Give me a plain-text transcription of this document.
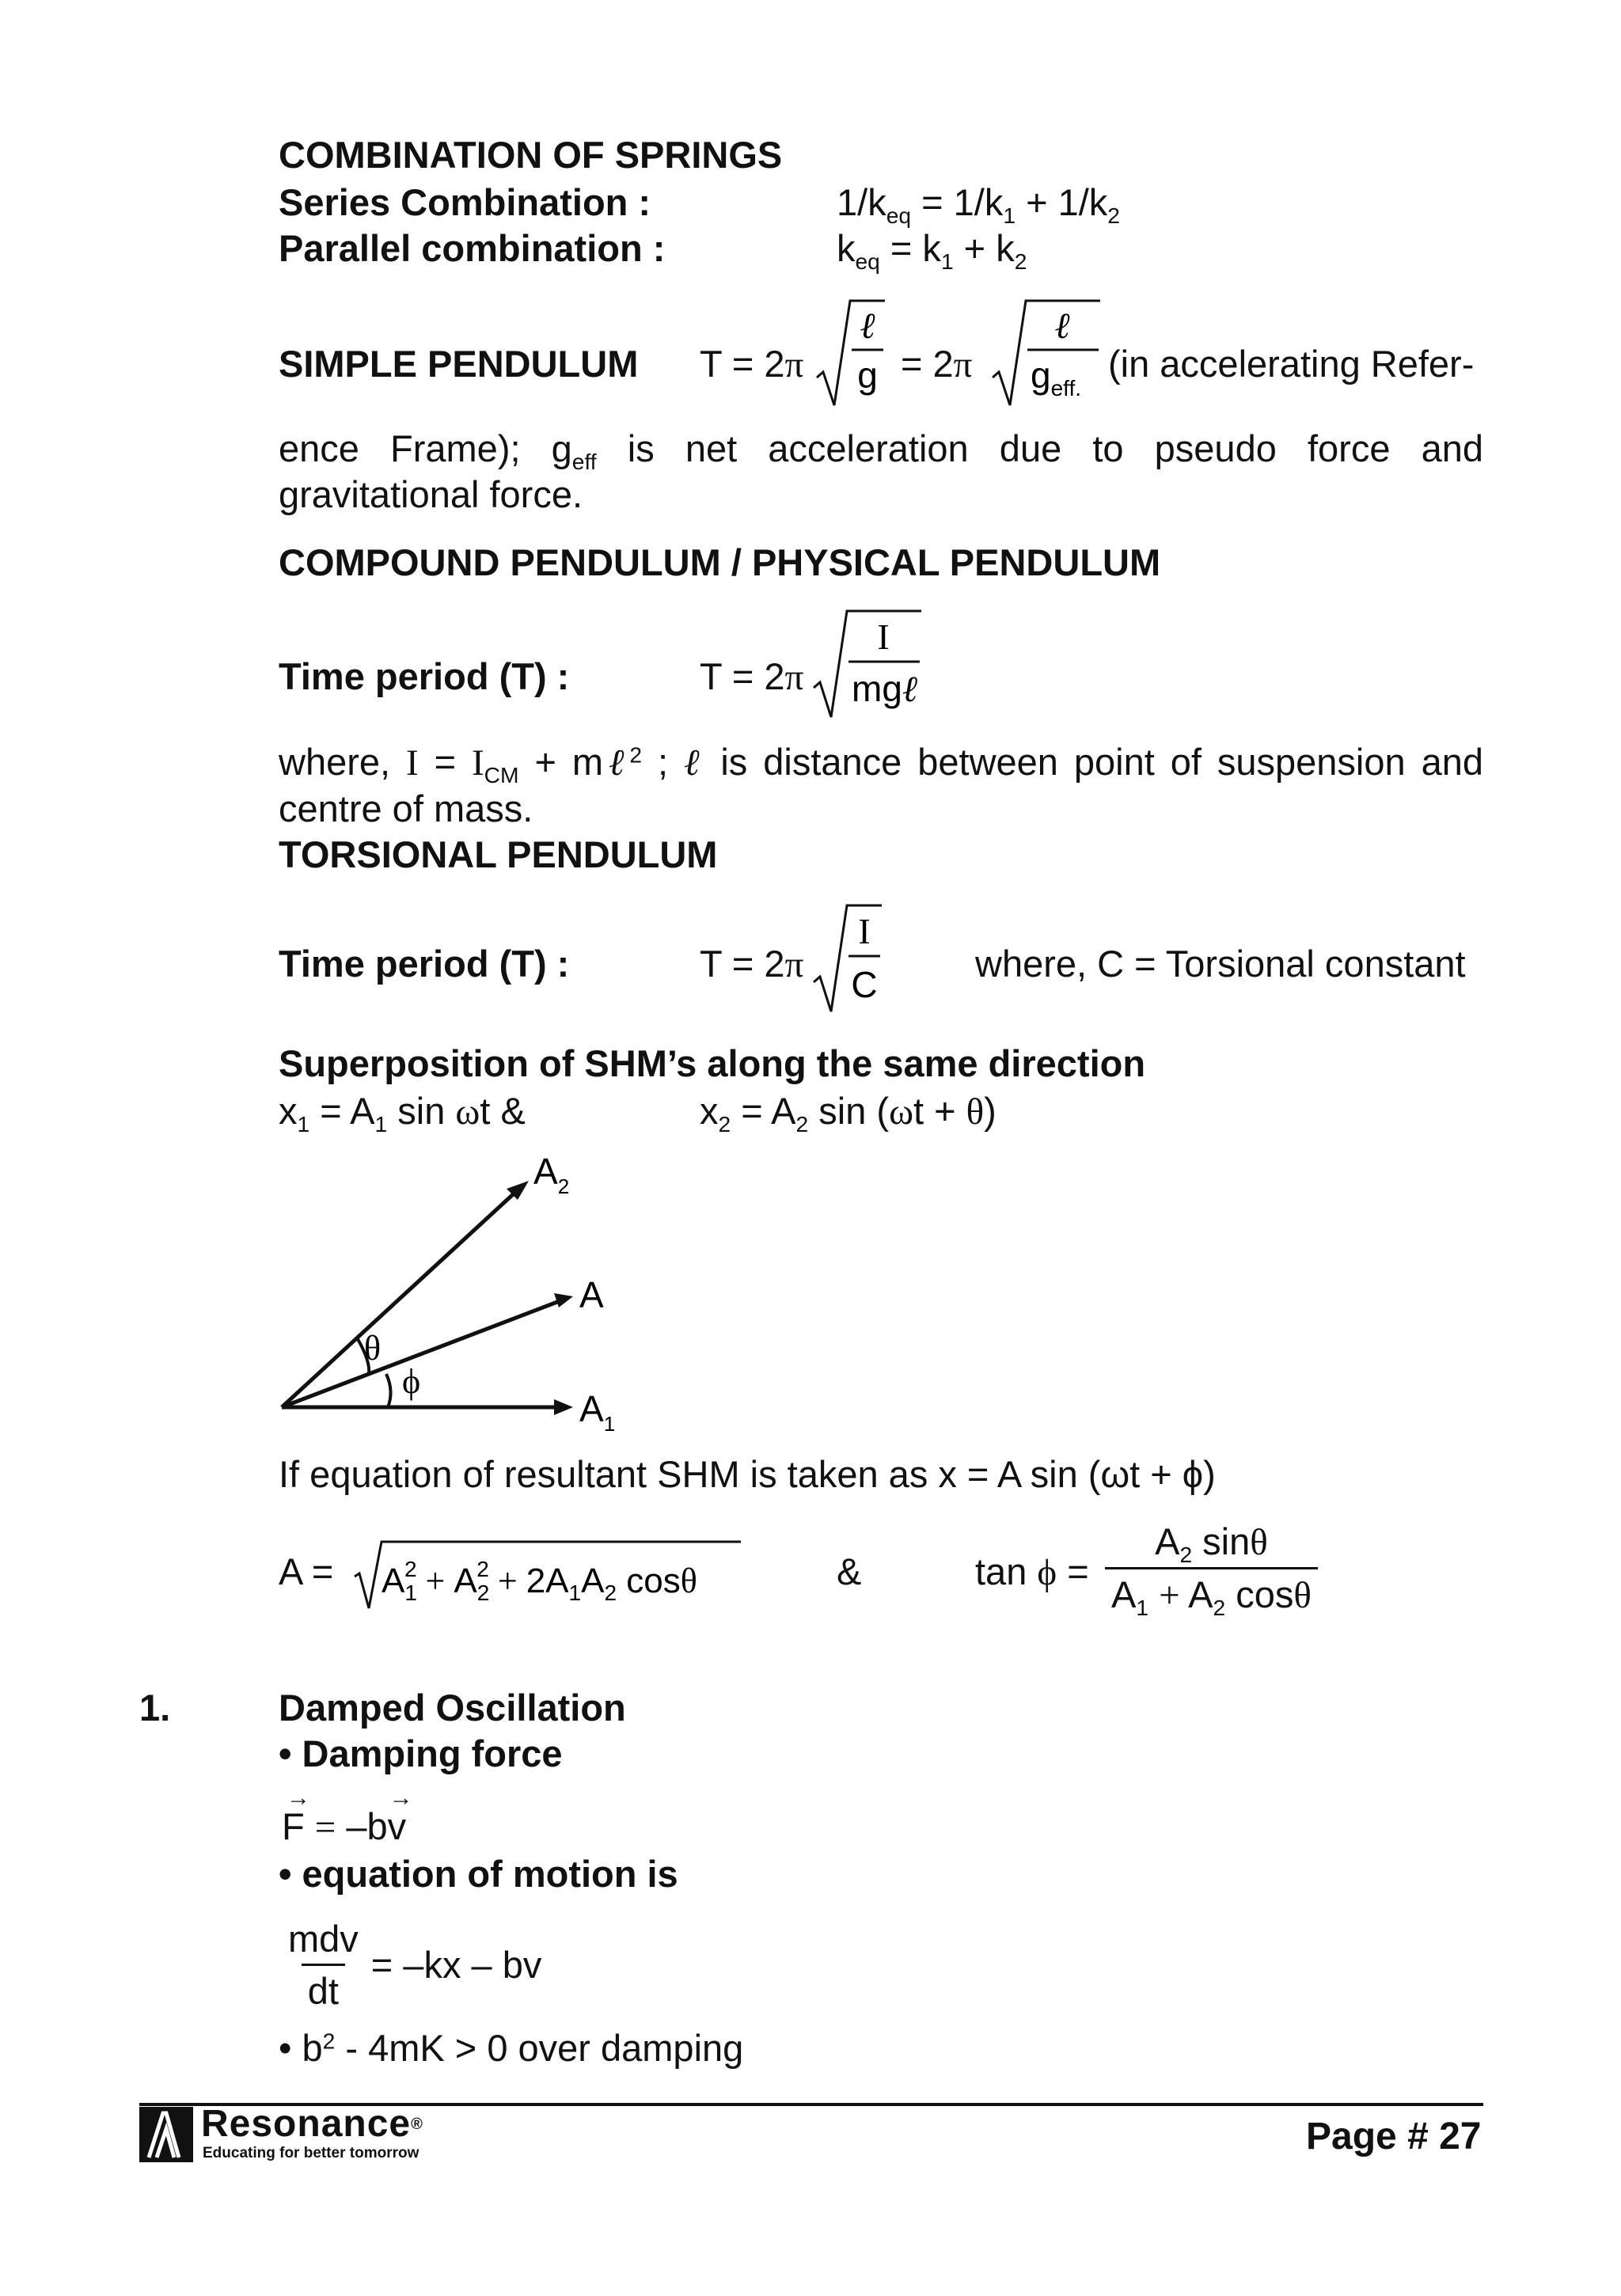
COMBINATION OF SPRINGS
Series Combination :	$1/k_{eq} = 1/k_1 + 1/k_2$
Parallel combination :	$k_{eq} = k_1 + k_2$
SIMPLE PENDULUM T = 2π
ℓ
g = 2π
ℓ
$g_{eff.}$
(in accelerating Refer-
ence Frame); $g_{eff}$ is net acceleration due to pseudo force and gravitational force.
COMPOUND PENDULUM / PHYSICAL PENDULUM
Time period (T) :	T = 2π
I
mgℓ
where, $I = I_{CM}$ + mℓ$^2$ ; ℓ is distance between point of suspension and centre of mass.
TORSIONAL PENDULUM
Time period (T) :	T = 2π
I
C	where, C = Torsional constant
Superposition of SHM’s along the same direction
$x_1 = A_1$ sin ωt &	$x_2 = A_2$ sin (ωt + θ)
θ
ϕ
$A_2$
A
$A_1$
If equation of resultant SHM is taken as x = A sin (ωt + ϕ)
$A = A_12 + A_22 + 2A_1A_2$ cosθ	&	$\tan \phi = \frac{A_2 \sin\theta}{A_1 + A_2 \cos\theta}$
1.	Damped Oscillation
• Damping force
F
→
= –bv
→
• equation of motion is
$\frac{\text{mdv}}{dt} = -kx$ – bv
• $b^2 - 4mK > 0$ over damping
Resonance®
Educating for better tomorrow	Page # 27
